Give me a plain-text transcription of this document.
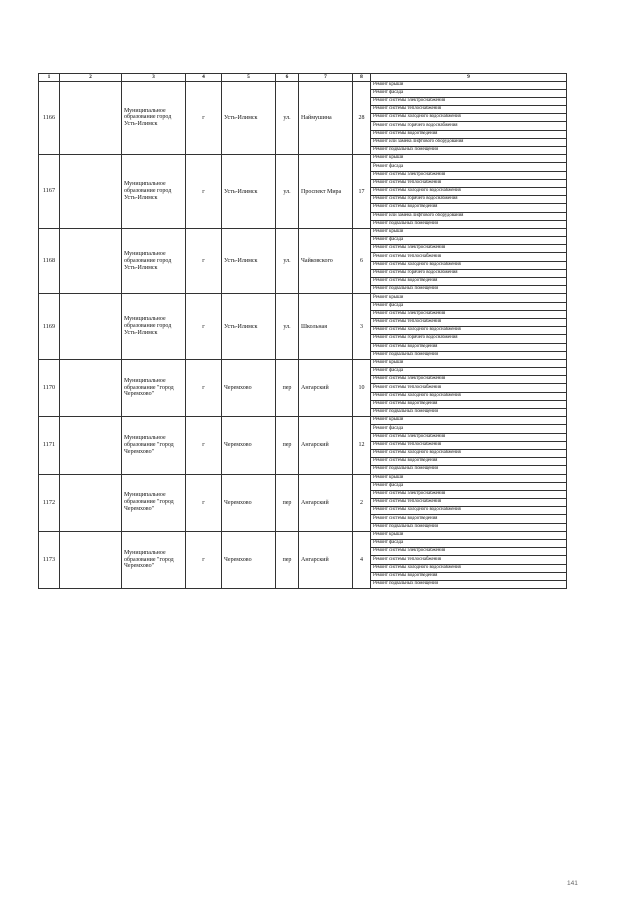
1	2	3	4	5	6	7	8	9
1166		Муниципальное образование город Усть-Илимск	г	Усть-Илимск	ул.	Наймушина	28	Ремонт крыши
								Ремонт фасада
								Ремонт системы электроснабжения
								Ремонт системы теплоснабжения
								Ремонт системы холодного водоснабжения
								Ремонт системы горячего водоснабжения
								Ремонт системы водоотведения
								Ремонт или замена лифтового оборудования
								Ремонт подвальных помещений
1167		Муниципальное образование город Усть-Илимск	г	Усть-Илимск	ул.	Проспект Мира	17	Ремонт крыши
								Ремонт фасада
								Ремонт системы электроснабжения
								Ремонт системы теплоснабжения
								Ремонт системы холодного водоснабжения
								Ремонт системы горячего водоснабжения
								Ремонт системы водоотведения
								Ремонт или замена лифтового оборудования
								Ремонт подвальных помещений
1168		Муниципальное образование город Усть-Илимск	г	Усть-Илимск	ул.	Чайковского	6	Ремонт крыши
								Ремонт фасада
								Ремонт системы электроснабжения
								Ремонт системы теплоснабжения
								Ремонт системы холодного водоснабжения
								Ремонт системы горячего водоснабжения
								Ремонт системы водоотведения
								Ремонт подвальных помещений
1169		Муниципальное образование город Усть-Илимск	г	Усть-Илимск	ул.	Школьная	3	Ремонт крыши
								Ремонт фасада
								Ремонт системы электроснабжения
								Ремонт системы теплоснабжения
								Ремонт системы холодного водоснабжения
								Ремонт системы горячего водоснабжения
								Ремонт системы водоотведения
								Ремонт подвальных помещений
1170		Муниципальное образование "город Черемхово"	г	Черемхово	пер	Ангарский	10	Ремонт крыши
								Ремонт фасада
								Ремонт системы электроснабжения
								Ремонт системы теплоснабжения
								Ремонт системы холодного водоснабжения
								Ремонт системы водоотведения
								Ремонт подвальных помещений
1171		Муниципальное образование "город Черемхово"	г	Черемхово	пер	Ангарский	12	Ремонт крыши
								Ремонт фасада
								Ремонт системы электроснабжения
								Ремонт системы теплоснабжения
								Ремонт системы холодного водоснабжения
								Ремонт системы водоотведения
								Ремонт подвальных помещений
1172		Муниципальное образование "город Черемхово"	г	Черемхово	пер	Ангарский	2	Ремонт крыши
								Ремонт фасада
								Ремонт системы электроснабжения
								Ремонт системы теплоснабжения
								Ремонт системы холодного водоснабжения
								Ремонт системы водоотведения
								Ремонт подвальных помещений
1173		Муниципальное образование "город Черемхово"	г	Черемхово	пер	Ангарский	4	Ремонт крыши
								Ремонт фасада
								Ремонт системы электроснабжения
								Ремонт системы теплоснабжения
								Ремонт системы холодного водоснабжения
								Ремонт системы водоотведения
								Ремонт подвальных помещений
141
